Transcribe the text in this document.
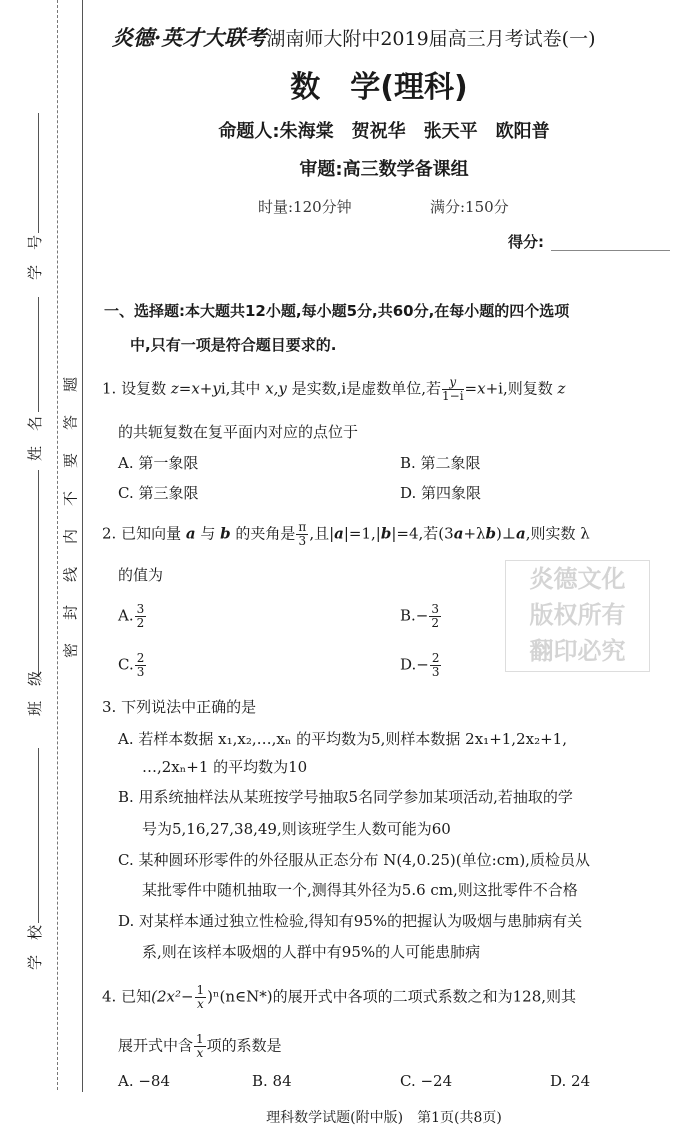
学　号
姓　名
班　级
学　校
密　封　线　内　不　要　答　题	炎德文化
版权所有
翻印必究
炎德·英才大联考湖南师大附中2019届高三月考试卷(一)
数　学(理科)
命题人:朱海棠　贺祝华　张天平　欧阳普
审题:高三数学备课组
时量:120分钟	满分:150分
得分:
一、选择题:本大题共12小题,每小题5分,共60分,在每小题的四个选项
中,只有一项是符合题目要求的.
1. 设复数 z=x+yi,其中 x,y 是实数,i是虚数单位,若 $\frac{y}{1-i} =x+i$,则复数 z
的共轭复数在复平面内对应的点位于
A. 第一象限	B. 第二象限
C. 第三象限	D. 第四象限
2. 已知向量 a 与 b 的夹角是 $\frac{\pi}{3}$ ,且|a|=1,|b|=4,若(3a+λb)⊥a,则实数 λ
的值为
A. $\frac{3}{2}$	$B.- \frac{3}{2}$
C. $\frac{2}{3}$	$D.- \frac{2}{3}$
3. 下列说法中正确的是
A. 若样本数据 x₁,x₂,…,xₙ 的平均数为5,则样本数据 2x₁+1,2x₂+1,
…,2xₙ+1 的平均数为10
B. 用系统抽样法从某班按学号抽取5名同学参加某项活动,若抽取的学
号为5,16,27,38,49,则该班学生人数可能为60
C. 某种圆环形零件的外径服从正态分布 N(4,0.25)(单位:cm),质检员从
某批零件中随机抽取一个,测得其外径为5.6 cm,则这批零件不合格
D. 对某样本通过独立性检验,得知有95%的把握认为吸烟与患肺病有关
系,则在该样本吸烟的人群中有95%的人可能患肺病
4. 已知($2x^2- \frac{1}{x}$ )ⁿ(n∈N*)的展开式中各项的二项式系数之和为128,则其
展开式中含 $\frac{1}{x}$ 项的系数是
A. −84	B. 84	C. −24	D. 24
理科数学试题(附中版)　第1页(共8页)
